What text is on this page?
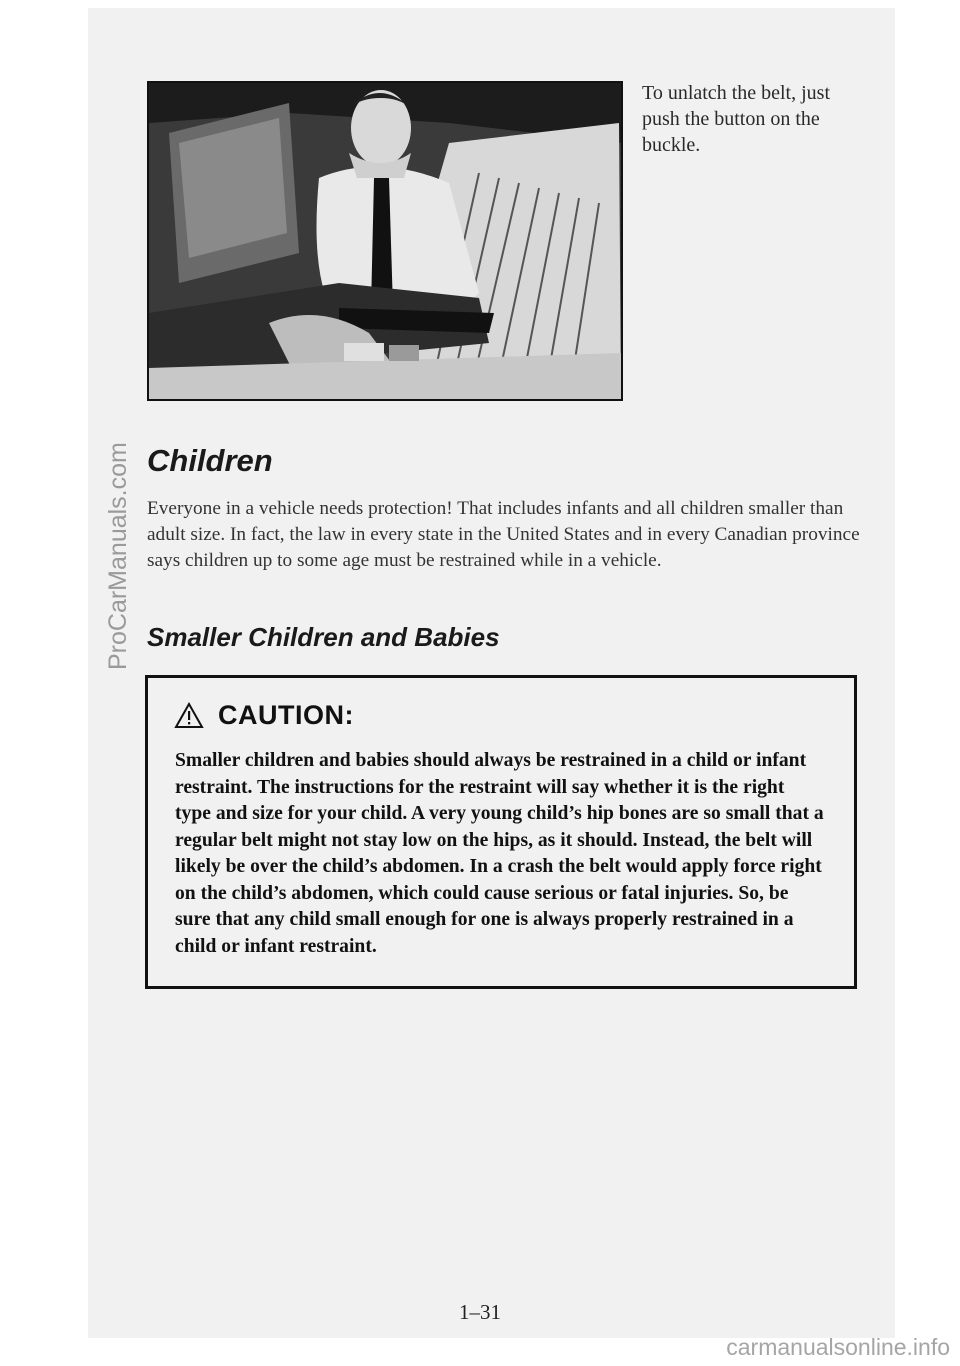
To unlatch the belt, just push the button on the buckle.
Children

Everyone in a vehicle needs protection! That includes infants and all children smaller than adult size. In fact, the law in every state in the United States and in every Canadian province says children up to some age must be restrained while in a vehicle.

Smaller Children and Babies
CAUTION:

Smaller children and babies should always be restrained in a child or infant restraint. The instructions for the restraint will say whether it is the right type and size for your child. A very young child’s hip bones are so small that a regular belt might not stay low on the hips, as it should. Instead, the belt will likely be over the child’s abdomen. In a crash the belt would apply force right on the child’s abdomen, which could cause serious or fatal injuries. So, be sure that any child small enough for one is always properly restrained in a child or infant restraint.

1–31
ProCarManuals.com
carmanualsonline.info
